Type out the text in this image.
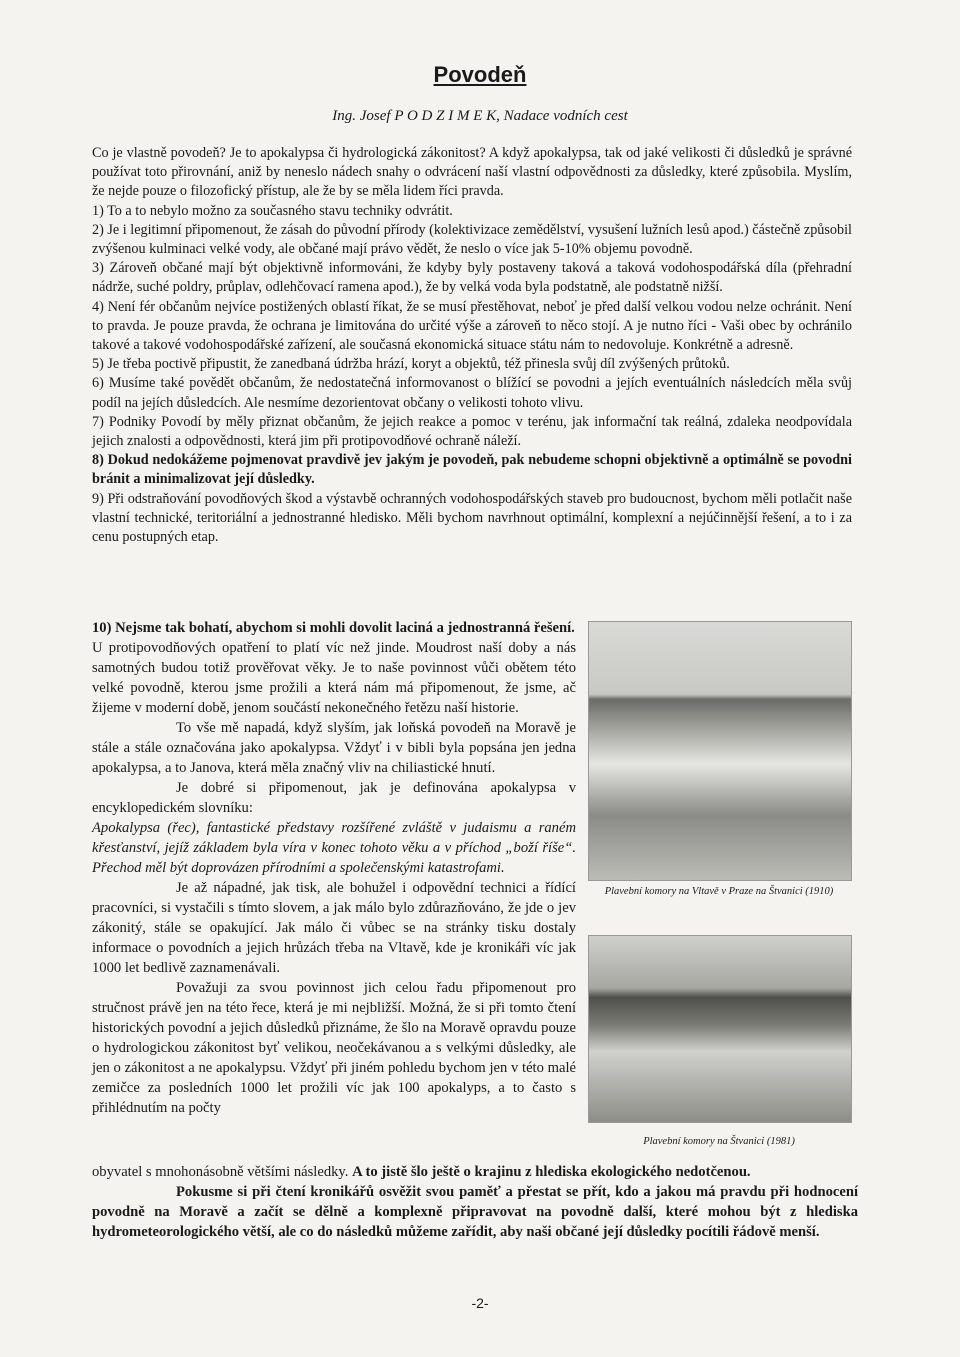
Povodeň
Ing. Josef P O D Z I M E K, Nadace vodních cest

Co je vlastně povodeň? Je to apokalypsa či hydrologická zákonitost? A když apokalypsa, tak od jaké velikosti či důsledků je správné používat toto přirovnání, aniž by neneslo nádech snahy o odvrácení naší vlastní odpovědnosti za důsledky, které způsobila. Myslím, že nejde pouze o filozofický přístup, ale že by se měla lidem říci pravda.

1) To a to nebylo možno za současného stavu techniky odvrátit.

2) Je i legitimní připomenout, že zásah do původní přírody (kolektivizace zemědělství, vysušení lužních lesů apod.) částečně způsobil zvýšenou kulminaci velké vody, ale občané mají právo vědět, že neslo o více jak 5-10% objemu povodně.

3) Zároveň občané mají být objektivně informováni, že kdyby byly postaveny taková a taková vodohospodářská díla (přehradní nádrže, suché poldry, průplav, odlehčovací ramena apod.), že by velká voda byla podstatně, ale podstatně nižší.

4) Není fér občanům nejvíce postižených oblastí říkat, že se musí přestěhovat, neboť je před další velkou vodou nelze ochránit. Není to pravda. Je pouze pravda, že ochrana je limitována do určité výše a zároveň to něco stojí. A je nutno říci - Vaši obec by ochránilo takové a takové vodohospodářské zařízení, ale současná ekonomická situace státu nám to nedovoluje. Konkrétně a adresně.

5) Je třeba poctivě připustit, že zanedbaná údržba hrází, koryt a objektů, též přinesla svůj díl zvýšených průtoků.

6) Musíme také povědět občanům, že nedostatečná informovanost o blížící se povodni a jejích eventuálních následcích měla svůj podíl na jejích důsledcích. Ale nesmíme dezorientovat občany o velikosti tohoto vlivu.

7) Podniky Povodí by měly přiznat občanům, že jejich reakce a pomoc v terénu, jak informační tak reálná, zdaleka neodpovídala jejich znalosti a odpovědnosti, která jim při protipovodňové ochraně náleží.

8) Dokud nedokážeme pojmenovat pravdivě jev jakým je povodeň, pak nebudeme schopni objektivně a optimálně se povodni bránit a minimalizovat její důsledky.

9) Při odstraňování povodňových škod a výstavbě ochranných vodohospodářských staveb pro budoucnost, bychom měli potlačit naše vlastní technické, teritoriální a jednostranné hledisko. Měli bychom navrhnout optimální, komplexní a nejúčinnější řešení, a to i za cenu postupných etap.

10) Nejsme tak bohatí, abychom si mohli dovolit laciná a jednostranná řešení.

U protipovodňových opatření to platí víc než jinde. Moudrost naší doby a nás samotných budou totiž prověřovat věky. Je to naše povinnost vůči obětem této velké povodně, kterou jsme prožili a která nám má připomenout, že jsme, ač žijeme v moderní době, jenom součástí nekonečného řetězu naší historie.

To vše mě napadá, když slyším, jak loňská povodeň na Moravě je stále a stále označována jako apokalypsa. Vždyť i v bibli byla popsána jen jedna apokalypsa, a to Janova, která měla značný vliv na chiliastické hnutí.

Je dobré si připomenout, jak je definována apokalypsa v encyklopedickém slovníku:

Apokalypsa (řec), fantastické představy rozšířené zvláště v judaismu a raném křesťanství, jejíž základem byla víra v konec tohoto věku a v příchod „boží říše“. Přechod měl být doprovázen přírodními a společenskými katastrofami.

Je až nápadné, jak tisk, ale bohužel i odpovědní technici a řídící pracovníci, si vystačili s tímto slovem, a jak málo bylo zdůrazňováno, že jde o jev zákonitý, stále se opakující. Jak málo či vůbec se na stránky tisku dostaly informace o povodních a jejich hrůzách třeba na Vltavě, kde je kronikáři víc jak 1000 let bedlivě zaznamenávali.

Považuji za svou povinnost jich celou řadu připomenout pro stručnost právě jen na této řece, která je mi nejbližší. Možná, že si při tomto čtení historických povodní a jejich důsledků přiznáme, že šlo na Moravě opravdu pouze o hydrologickou zákonitost byť velikou, neočekávanou a s velkými důsledky, ale jen o zákonitost a ne apokalypsu. Vždyť při jiném pohledu bychom jen v této malé zemičce za posledních 1000 let prožili víc jak 100 apokalyps, a to často s přihlédnutím na počty

Plavební komory na Vltavě v Praze na Štvanici (1910)
Plavební komory na Štvanici (1981)

obyvatel s mnohonásobně většími následky. A to jistě šlo ještě o krajinu z hlediska ekologického nedotčenou.

Pokusme si při čtení kronikářů osvěžit svou paměť a přestat se přít, kdo a jakou má pravdu při hodnocení povodně na Moravě a začít se dělně a komplexně připravovat na povodně další, které mohou být z hlediska hydrometeorologického větší, ale co do následků můžeme zařídit, aby naši občané její důsledky pocítili řádově menší.

-2-
